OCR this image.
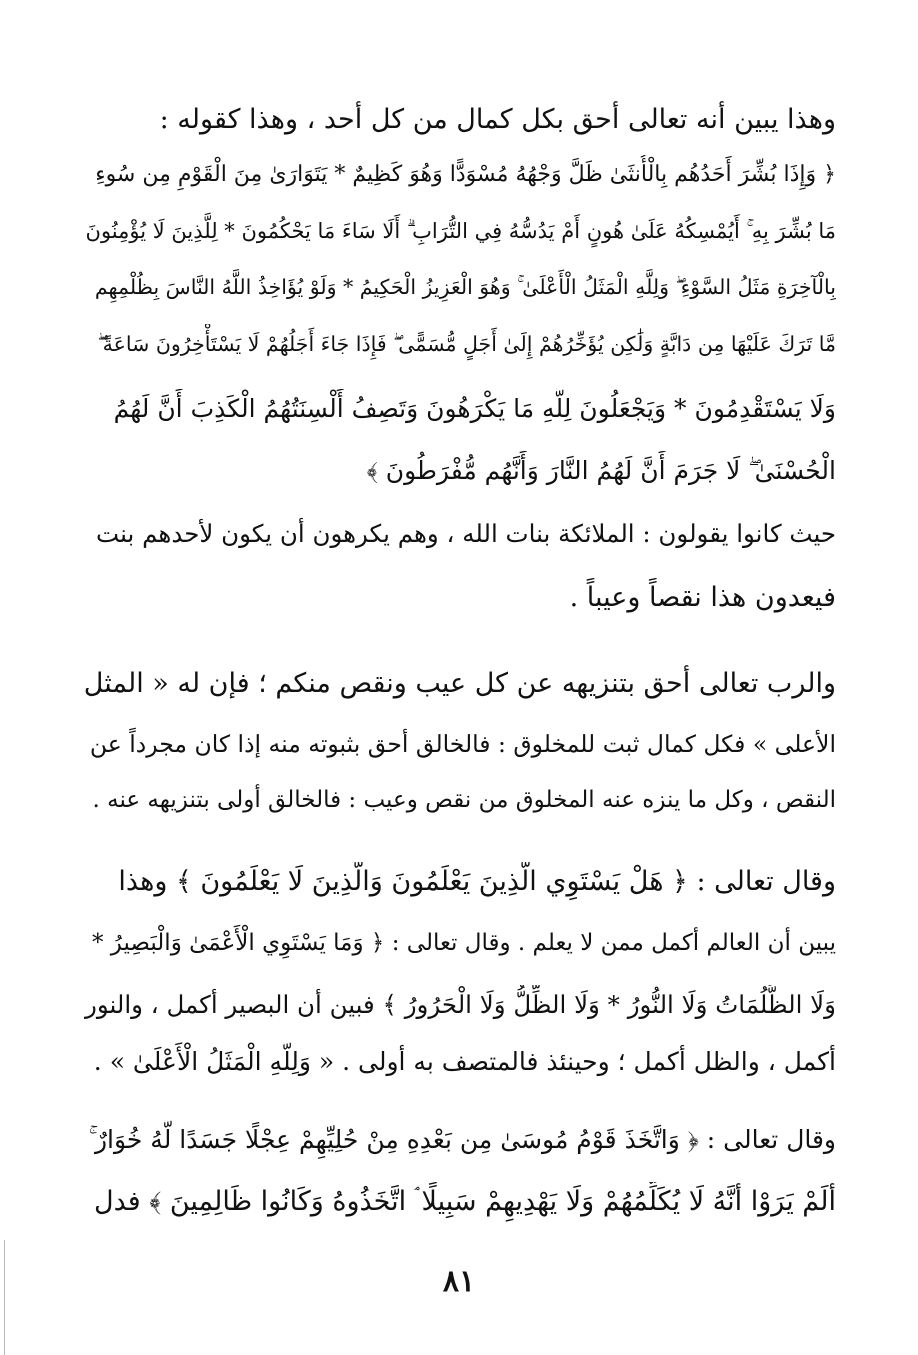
وهذا يبين أنه تعالى أحق بكل كمال من كل أحد ، وهذا كقوله :
﴿ وَإِذَا بُشِّرَ أَحَدُهُم بِالْأُنثَىٰ ظَلَّ وَجْهُهُ مُسْوَدًّا وَهُوَ كَظِيمٌ * يَتَوَارَىٰ مِنَ الْقَوْمِ مِن سُوءِ
مَا بُشِّرَ بِهِ ۚ أَيُمْسِكُهُ عَلَىٰ هُونٍ أَمْ يَدُسُّهُ فِي التُّرَابِ ۗ أَلَا سَاءَ مَا يَحْكُمُونَ * لِلَّذِينَ لَا يُؤْمِنُونَ
بِالْآخِرَةِ مَثَلُ السَّوْءِ ۖ وَلِلَّهِ الْمَثَلُ الْأَعْلَىٰ ۚ وَهُوَ الْعَزِيزُ الْحَكِيمُ * وَلَوْ يُؤَاخِذُ اللَّهُ النَّاسَ بِظُلْمِهِم
مَّا تَرَكَ عَلَيْهَا مِن دَابَّةٍ وَلَٰكِن يُؤَخِّرُهُمْ إِلَىٰ أَجَلٍ مُّسَمًّى ۖ فَإِذَا جَاءَ أَجَلُهُمْ لَا يَسْتَأْخِرُونَ سَاعَةً ۖ
وَلَا يَسْتَقْدِمُونَ * وَيَجْعَلُونَ لِلَّهِ مَا يَكْرَهُونَ وَتَصِفُ أَلْسِنَتُهُمُ الْكَذِبَ أَنَّ لَهُمُ
الْحُسْنَىٰ ۖ لَا جَرَمَ أَنَّ لَهُمُ النَّارَ وَأَنَّهُم مُّفْرَطُونَ ﴾
حيث كانوا يقولون : الملائكة بنات الله ، وهم يكرهون أن يكون لأحدهم بنت
فيعدون هذا نقصاً وعيباً .
والرب تعالى أحق بتنزيهه عن كل عيب ونقص منكم ؛ فإن له « المثل
الأعلى » فكل كمال ثبت للمخلوق : فالخالق أحق بثبوته منه إذا كان مجرداً عن
النقص ، وكل ما ينزه عنه المخلوق من نقص وعيب : فالخالق أولى بتنزيهه عنه .
وقال تعالى : ﴿ هَلْ يَسْتَوِي الَّذِينَ يَعْلَمُونَ وَالَّذِينَ لَا يَعْلَمُونَ ﴾ وهذا
يبين أن العالم أكمل ممن لا يعلم . وقال تعالى : ﴿ وَمَا يَسْتَوِي الْأَعْمَىٰ وَالْبَصِيرُ *
وَلَا الظُّلُمَاتُ وَلَا النُّورُ * وَلَا الظِّلُّ وَلَا الْحَرُورُ ﴾ فبين أن البصير أكمل ، والنور
أكمل ، والظل أكمل ؛ وحينئذ فالمتصف به أولى . « وَلِلَّهِ الْمَثَلُ الْأَعْلَىٰ » .
وقال تعالى : ﴿ وَاتَّخَذَ قَوْمُ مُوسَىٰ مِن بَعْدِهِ مِنْ حُلِيِّهِمْ عِجْلًا جَسَدًا لَّهُ خُوَارٌ ۚ
أَلَمْ يَرَوْا أَنَّهُ لَا يُكَلِّمُهُمْ وَلَا يَهْدِيهِمْ سَبِيلًا ۘ اتَّخَذُوهُ وَكَانُوا ظَالِمِينَ ﴾ فدل
٨١
